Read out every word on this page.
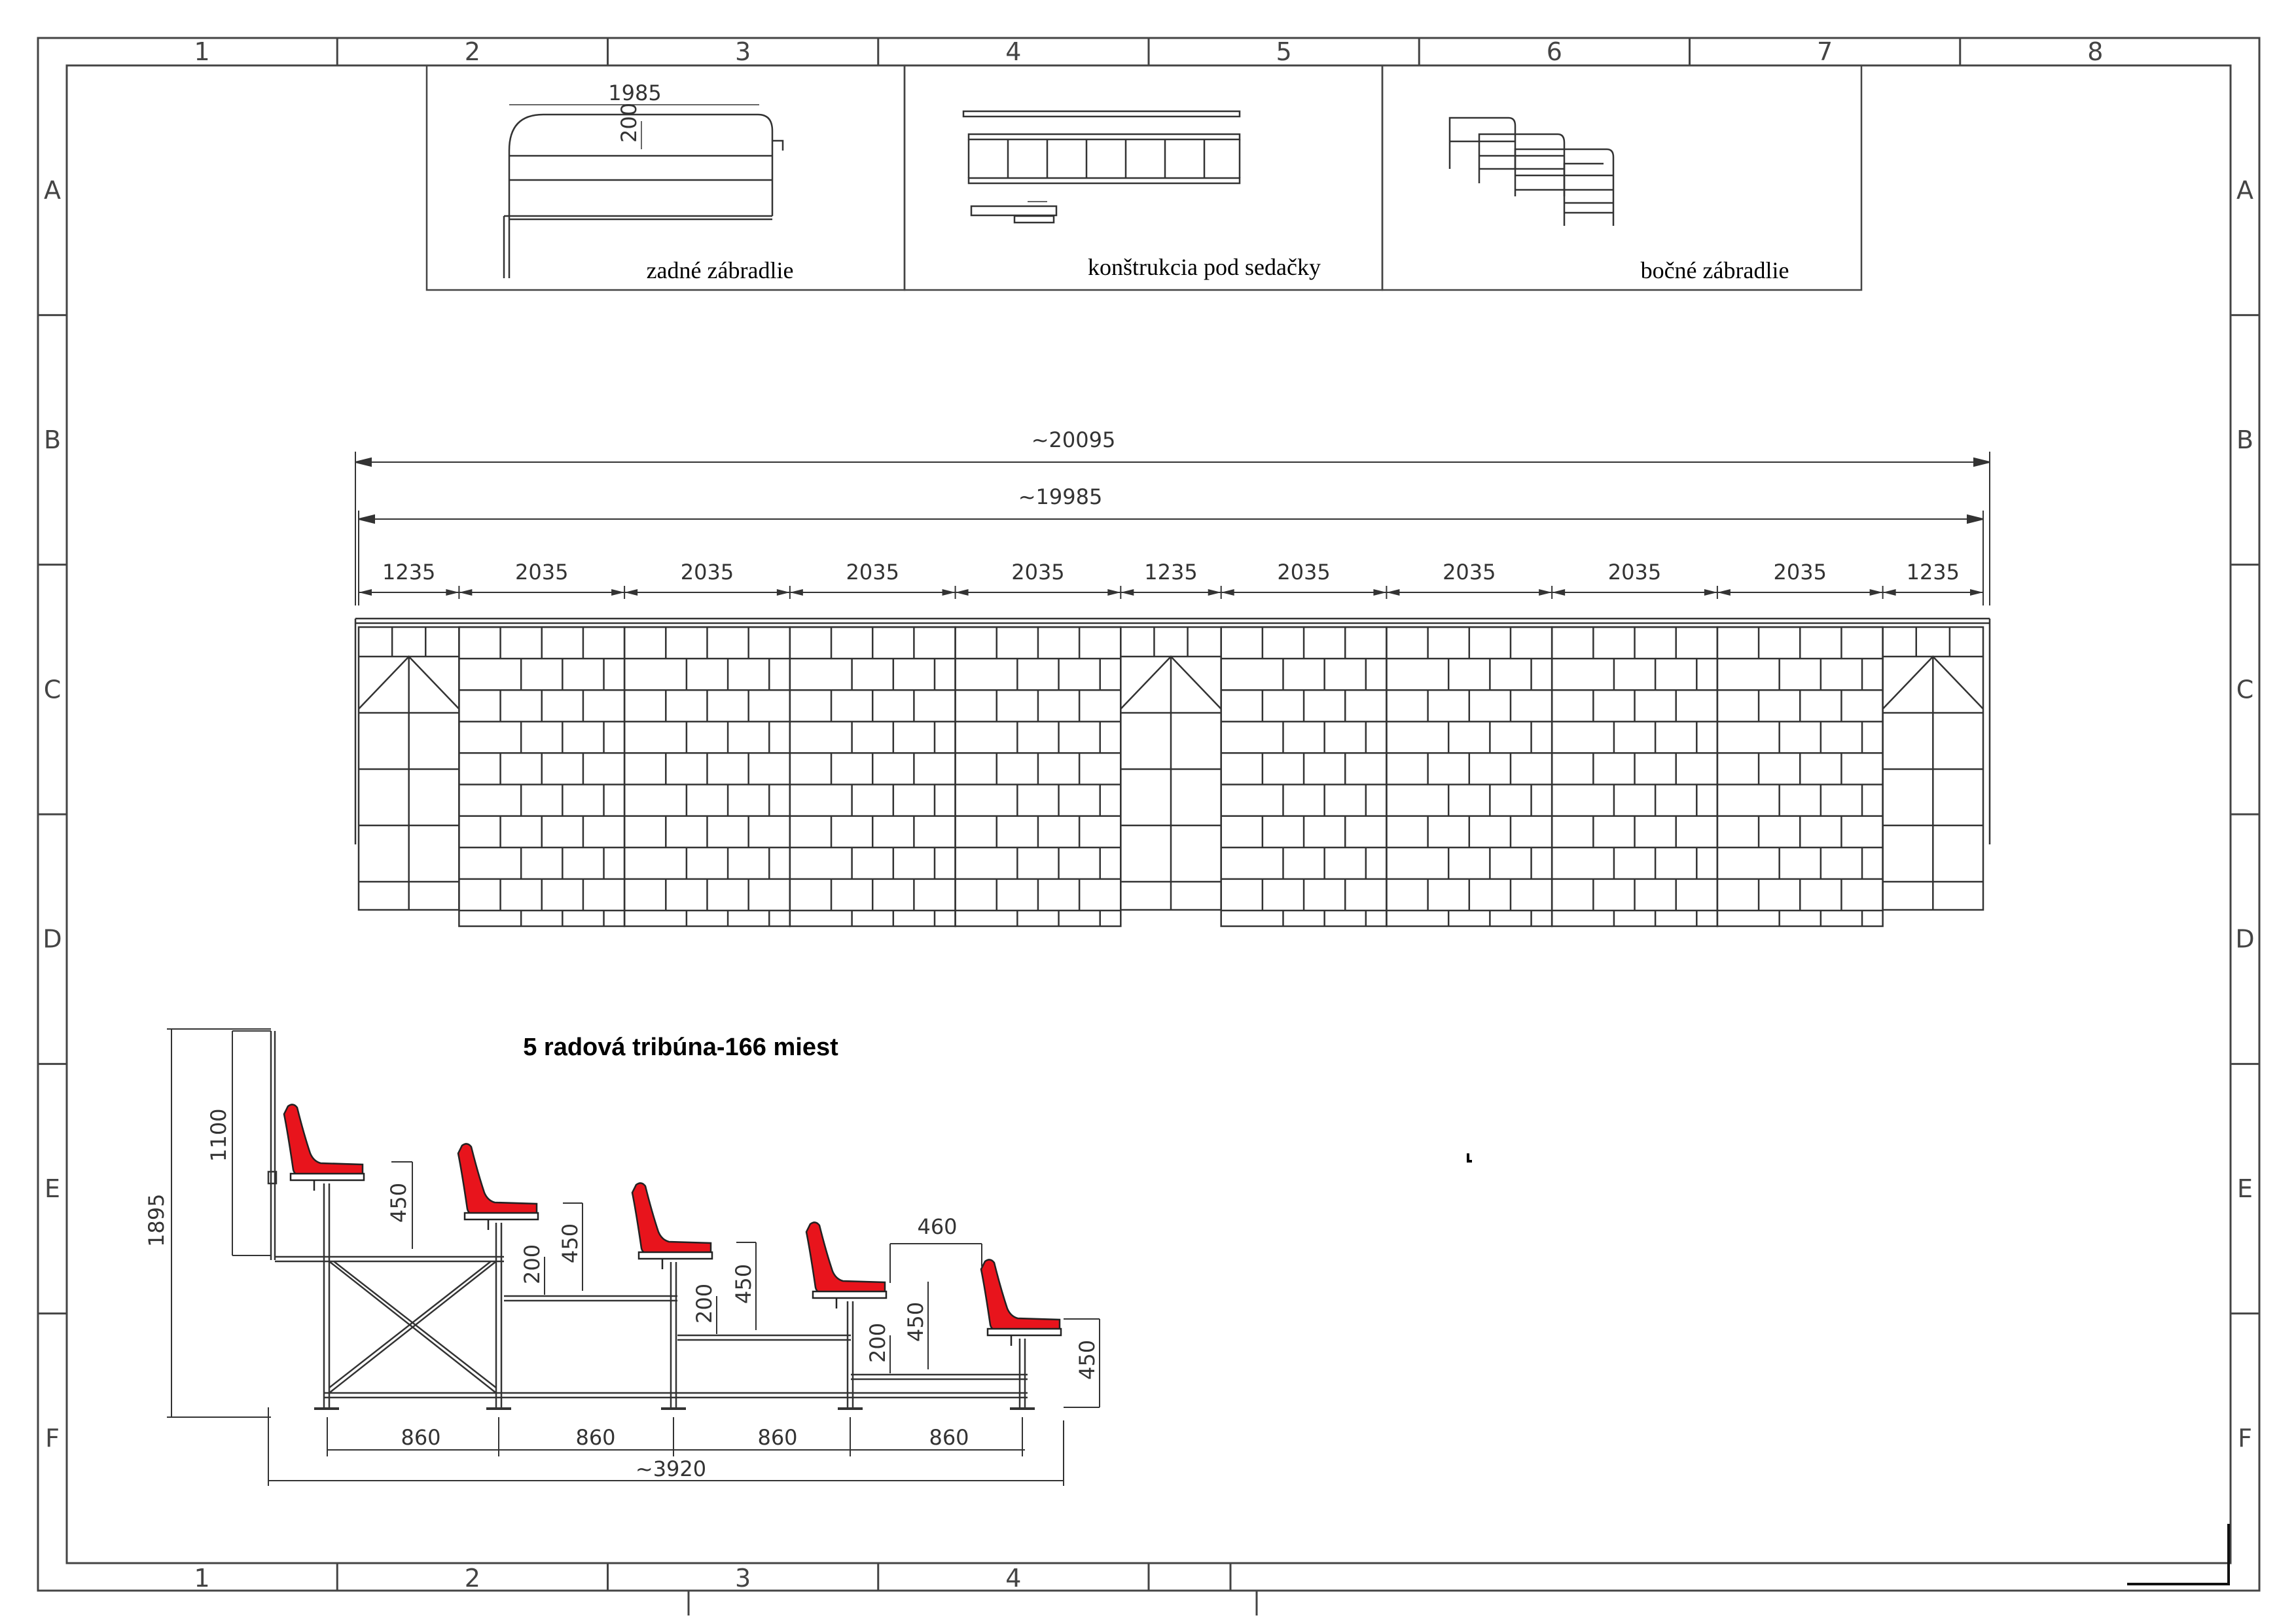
1
1
2
2
3
3
4
4
5	6	7	8
A	A
B	B
C	C
D	D
E	E
F	F
1985
200
zadné zábradlie	konštrukcia pod sedačky	bočné zábradlie
~20095
~19985
1235	2035	2035	2035	2035	1235	2035	2035	2035	2035	1235
5 radová tribúna-166 miest
1895
1100
450
450
450
450
450
200
200
200
460
860	860	860	860
~3920
